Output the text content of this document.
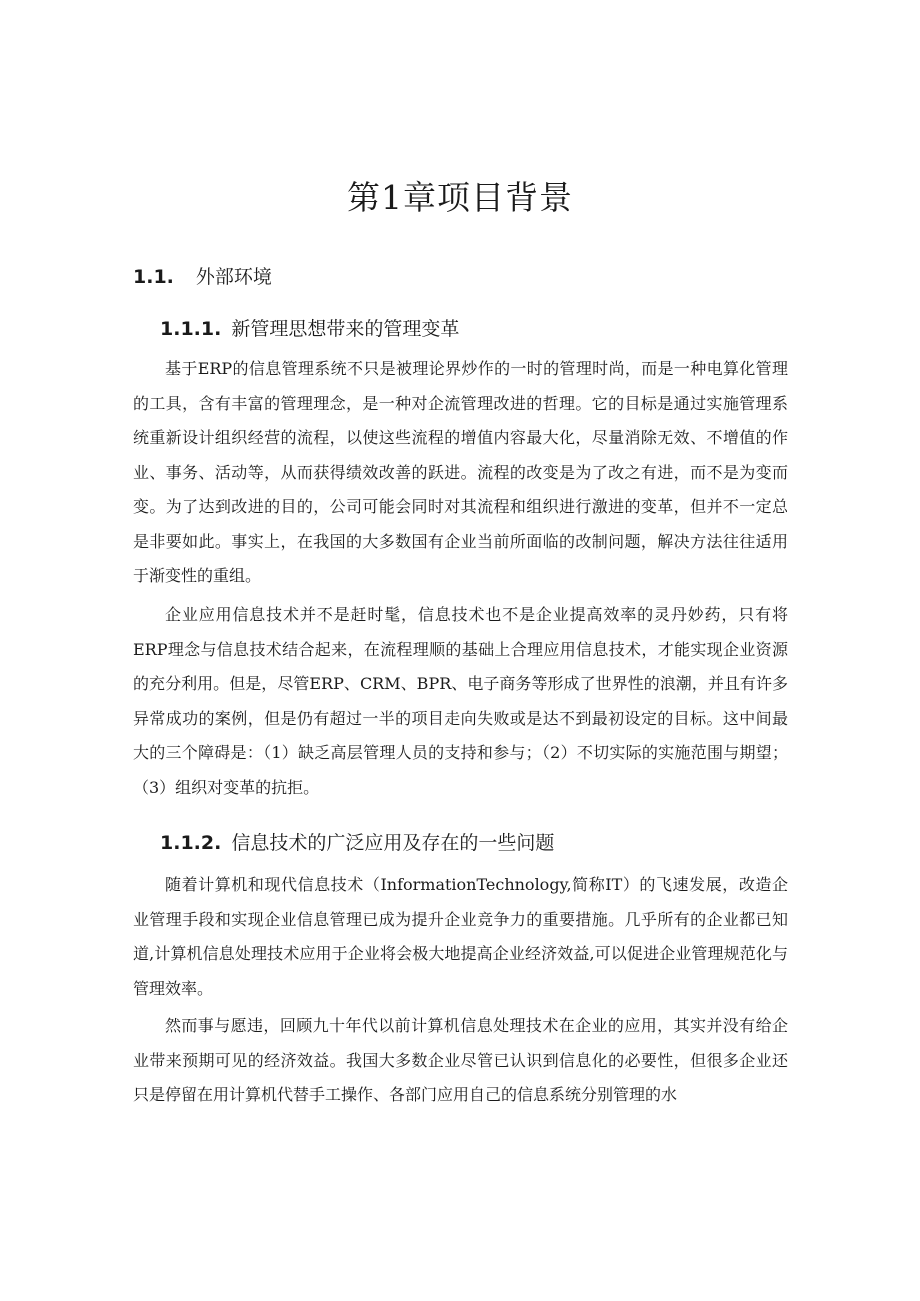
第1章项目背景
1.1. 外部环境
1.1.1. 新管理思想带来的管理变革

基于ERP的信息管理系统不只是被理论界炒作的一时的管理时尚，而是一种电算化管理的工具，含有丰富的管理理念，是一种对企流管理改进的哲理。它的目标是通过实施管理系统重新设计组织经营的流程，以使这些流程的增值内容最大化，尽量消除无效、不增值的作业、事务、活动等，从而获得绩效改善的跃进。流程的改变是为了改之有进，而不是为变而变。为了达到改进的目的，公司可能会同时对其流程和组织进行激进的变革，但并不一定总是非要如此。事实上，在我国的大多数国有企业当前所面临的改制问题，解决方法往往适用于渐变性的重组。

企业应用信息技术并不是赶时髦，信息技术也不是企业提高效率的灵丹妙药，只有将ERP理念与信息技术结合起来，在流程理顺的基础上合理应用信息技术，才能实现企业资源的充分利用。但是，尽管ERP、CRM、BPR、电子商务等形成了世界性的浪潮，并且有许多异常成功的案例，但是仍有超过一半的项目走向失败或是达不到最初设定的目标。这中间最大的三个障碍是：（1）缺乏高层管理人员的支持和参与；（2）不切实际的实施范围与期望；（3）组织对变革的抗拒。

1.1.2. 信息技术的广泛应用及存在的一些问题

随着计算机和现代信息技术（InformationTechnology,简称IT）的飞速发展，改造企业管理手段和实现企业信息管理已成为提升企业竞争力的重要措施。几乎所有的企业都已知道,计算机信息处理技术应用于企业将会极大地提高企业经济效益,可以促进企业管理规范化与管理效率。

然而事与愿违，回顾九十年代以前计算机信息处理技术在企业的应用，其实并没有给企业带来预期可见的经济效益。我国大多数企业尽管已认识到信息化的必要性，但很多企业还只是停留在用计算机代替手工操作、各部门应用自己的信息系统分别管理的水
